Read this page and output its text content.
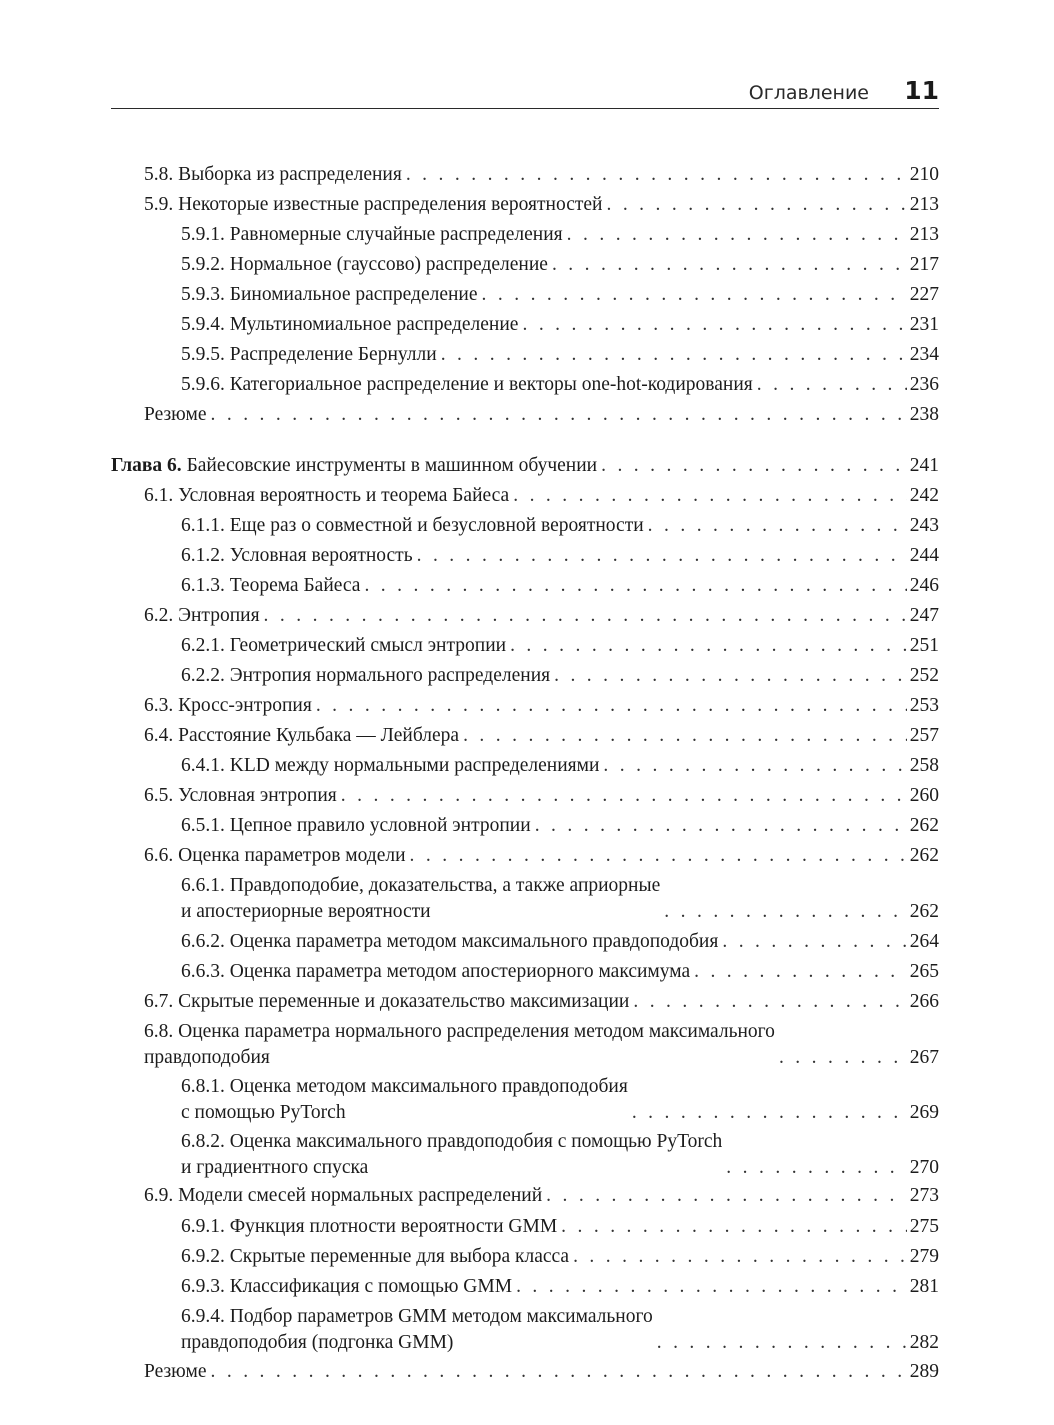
Оглавление 11
5.8. Выборка из распределения . . .	210
5.9. Некоторые известные распределения вероятностей . . .	213
5.9.1. Равномерные случайные распределения . . .	213
5.9.2. Нормальное (гауссово) распределение . . .	217
5.9.3. Биномиальное распределение . . .	227
5.9.4. Мультиномиальное распределение . . .	231
5.9.5. Распределение Бернулли . . .	234
5.9.6. Категориальное распределение и векторы one-hot-кодирования . . .	236
Резюме . . .	238
Глава 6. Байесовские инструменты в машинном обучении . . .	241
6.1. Условная вероятность и теорема Байеса . . .	242
6.1.1. Еще раз о совместной и безусловной вероятности . . .	243
6.1.2. Условная вероятность . . .	244
6.1.3. Теорема Байеса . . .	246
6.2. Энтропия . . .	247
6.2.1. Геометрический смысл энтропии . . .	251
6.2.2. Энтропия нормального распределения . . .	252
6.3. Кросс-энтропия . . .	253
6.4. Расстояние Кульбака — Лейблера . . .	257
6.4.1. KLD между нормальными распределениями . . .	258
6.5. Условная энтропия . . .	260
6.5.1. Цепное правило условной энтропии . . .	262
6.6. Оценка параметров модели . . .	262
6.6.1. Правдоподобие, доказательства, а также априорные
и апостериорные вероятности . . .	262
6.6.2. Оценка параметра методом максимального правдоподобия . . .	264
6.6.3. Оценка параметра методом апостериорного максимума . . .	265
6.7. Скрытые переменные и доказательство максимизации . . .	266
6.8. Оценка параметра нормального распределения методом максимального
правдоподобия . . .	267
6.8.1. Оценка методом максимального правдоподобия
с помощью PyTorch . . .	269
6.8.2. Оценка максимального правдоподобия с помощью PyTorch
и градиентного спуска . . .	270
6.9. Модели смесей нормальных распределений . . .	273
6.9.1. Функция плотности вероятности GMM . . .	275
6.9.2. Скрытые переменные для выбора класса . . .	279
6.9.3. Классификация с помощью GMM . . .	281
6.9.4. Подбор параметров GMM методом максимального
правдоподобия (подгонка GMM) . . .	282
Резюме . . .	289
